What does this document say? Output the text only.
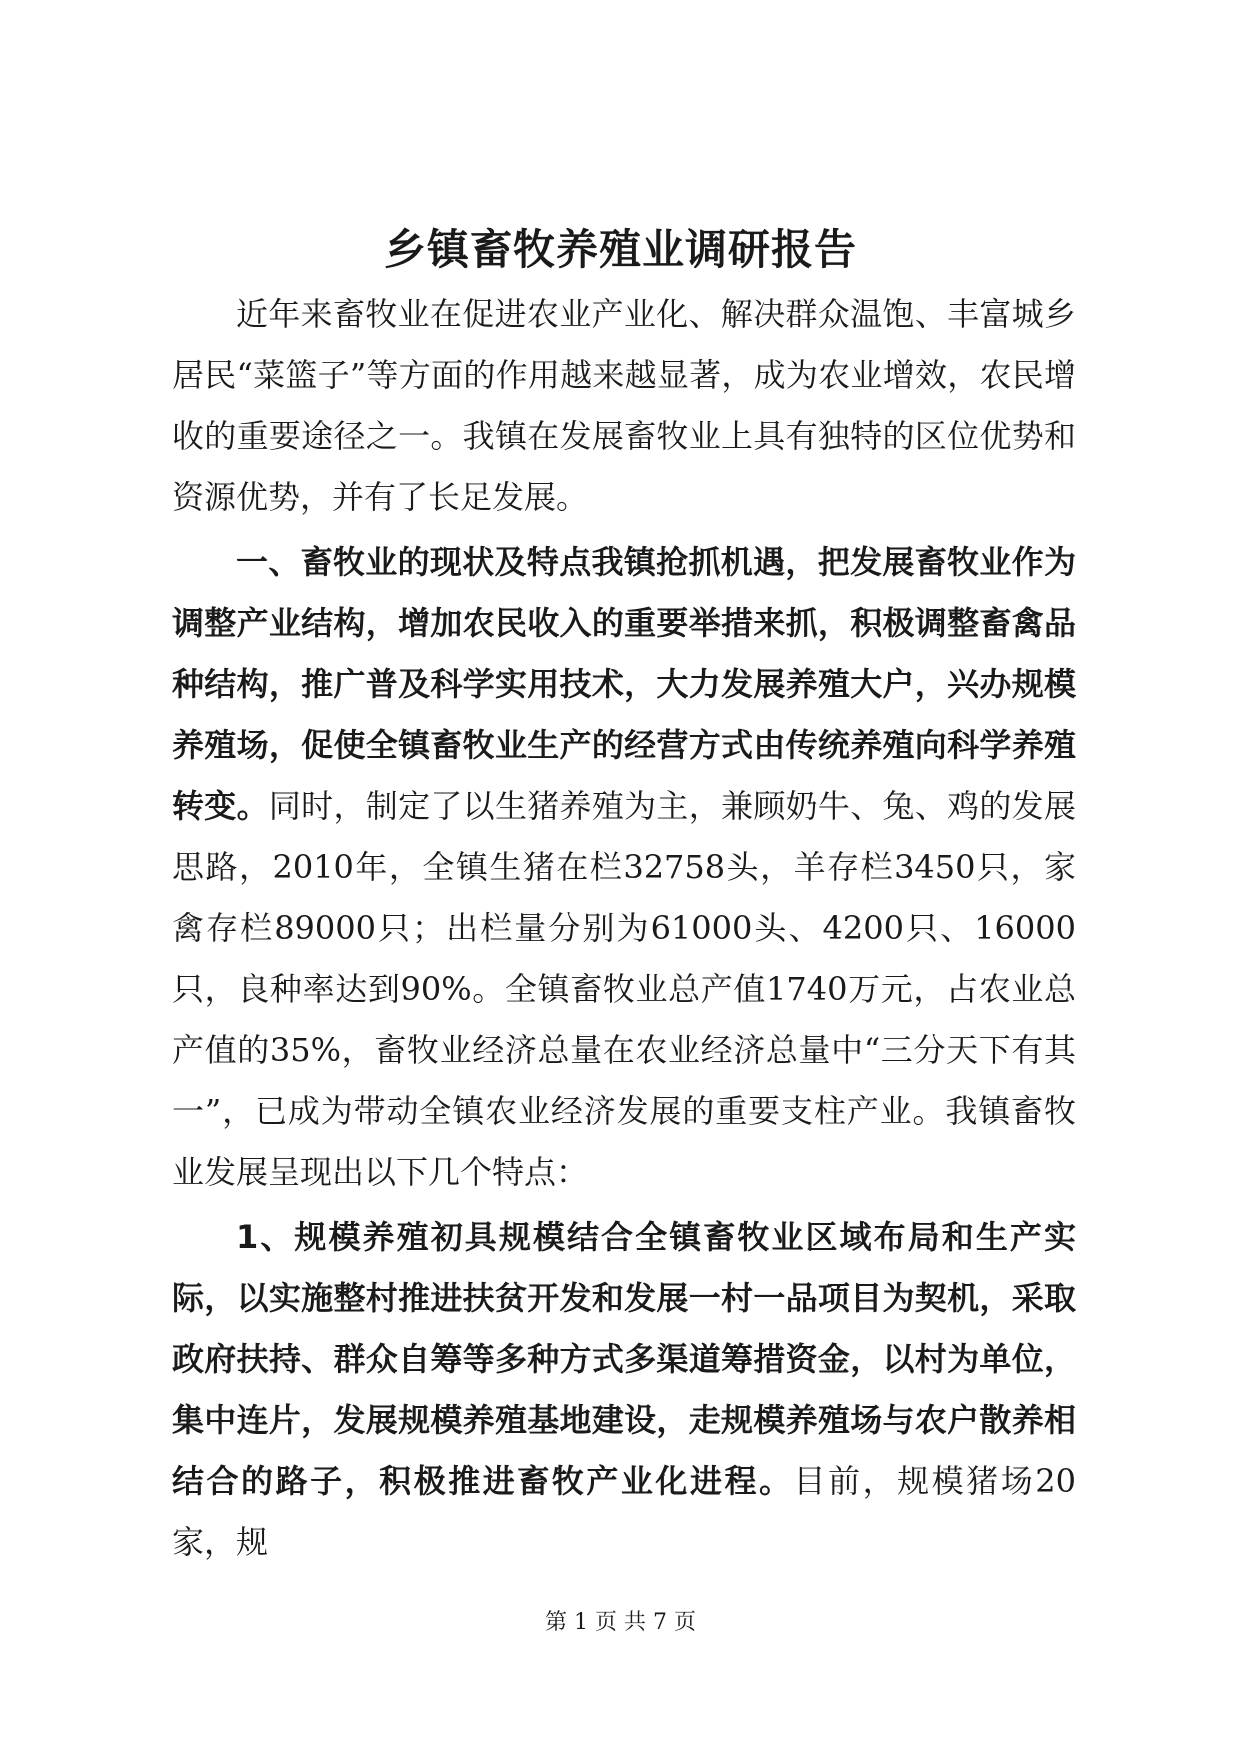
乡镇畜牧养殖业调研报告

近年来畜牧业在促进农业产业化、解决群众温饱、丰富城乡居民“菜篮子”等方面的作用越来越显著，成为农业增效，农民增收的重要途径之一。我镇在发展畜牧业上具有独特的区位优势和资源优势，并有了长足发展。

一、畜牧业的现状及特点我镇抢抓机遇，把发展畜牧业作为调整产业结构，增加农民收入的重要举措来抓，积极调整畜禽品种结构，推广普及科学实用技术，大力发展养殖大户，兴办规模养殖场，促使全镇畜牧业生产的经营方式由传统养殖向科学养殖转变。同时，制定了以生猪养殖为主，兼顾奶牛、兔、鸡的发展思路，2010年，全镇生猪在栏32758头，羊存栏3450只，家禽存栏89000只；出栏量分别为61000头、4200只、16000只，良种率达到90%。全镇畜牧业总产值1740万元，占农业总产值的35%，畜牧业经济总量在农业经济总量中“三分天下有其一”，已成为带动全镇农业经济发展的重要支柱产业。我镇畜牧业发展呈现出以下几个特点：

1、规模养殖初具规模结合全镇畜牧业区域布局和生产实际，以实施整村推进扶贫开发和发展一村一品项目为契机，采取政府扶持、群众自筹等多种方式多渠道筹措资金，以村为单位，集中连片，发展规模养殖基地建设，走规模养殖场与农户散养相结合的路子，积极推进畜牧产业化进程。目前，规模猪场20家，规

第 1 页 共 7 页
